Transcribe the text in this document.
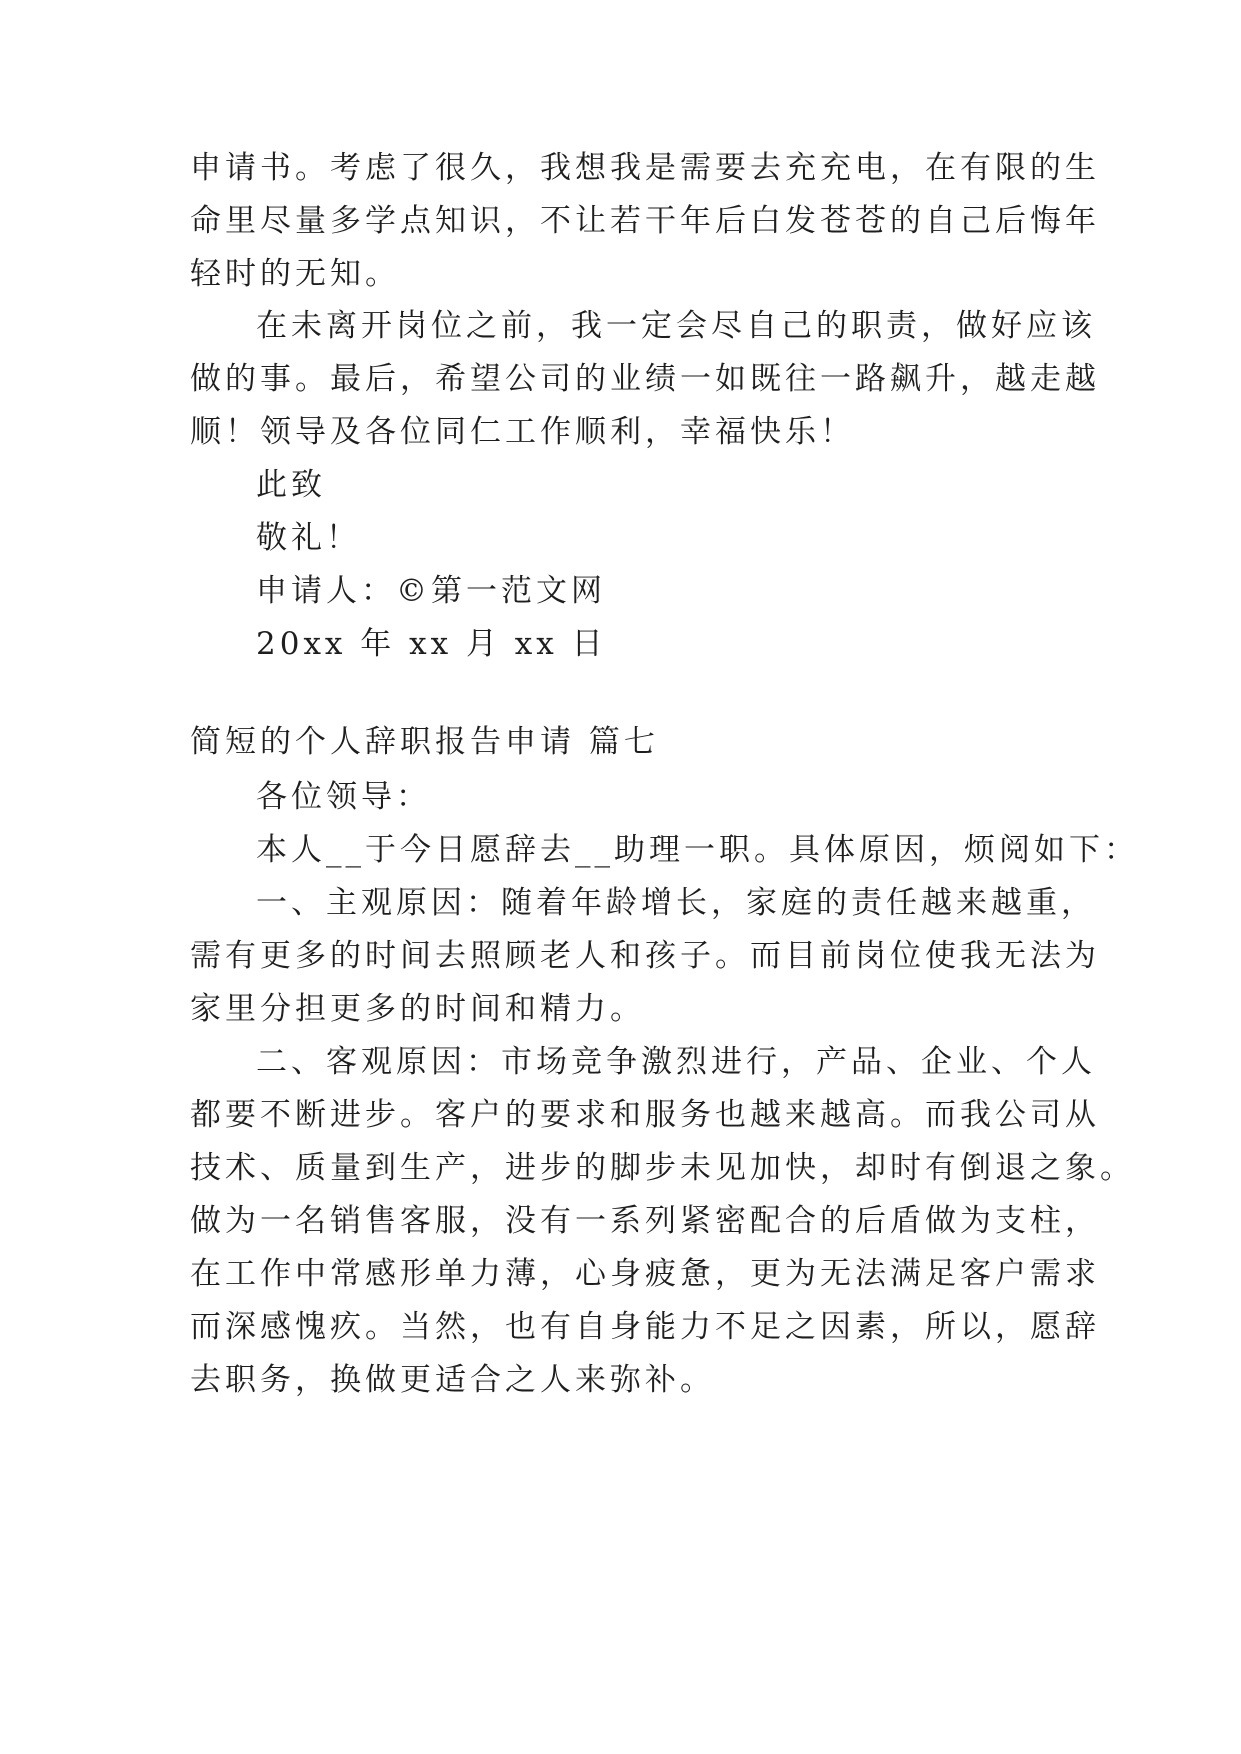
申请书。考虑了很久，我想我是需要去充充电，在有限的生
命里尽量多学点知识，不让若干年后白发苍苍的自己后悔年
轻时的无知。
在未离开岗位之前，我一定会尽自己的职责，做好应该
做的事。最后，希望公司的业绩一如既往一路飙升，越走越
顺！领导及各位同仁工作顺利，幸福快乐！
此致
敬礼！
申请人：©第一范文网
20xx 年 xx 月 xx 日
简短的个人辞职报告申请 篇七
各位领导：
本人__于今日愿辞去__助理一职。具体原因，烦阅如下：
一、主观原因：随着年龄增长，家庭的责任越来越重，
需有更多的时间去照顾老人和孩子。而目前岗位使我无法为
家里分担更多的时间和精力。
二、客观原因：市场竞争激烈进行，产品、企业、个人
都要不断进步。客户的要求和服务也越来越高。而我公司从
技术、质量到生产，进步的脚步未见加快，却时有倒退之象。
做为一名销售客服，没有一系列紧密配合的后盾做为支柱，
在工作中常感形单力薄，心身疲惫，更为无法满足客户需求
而深感愧疚。当然，也有自身能力不足之因素，所以，愿辞
去职务，换做更适合之人来弥补。
